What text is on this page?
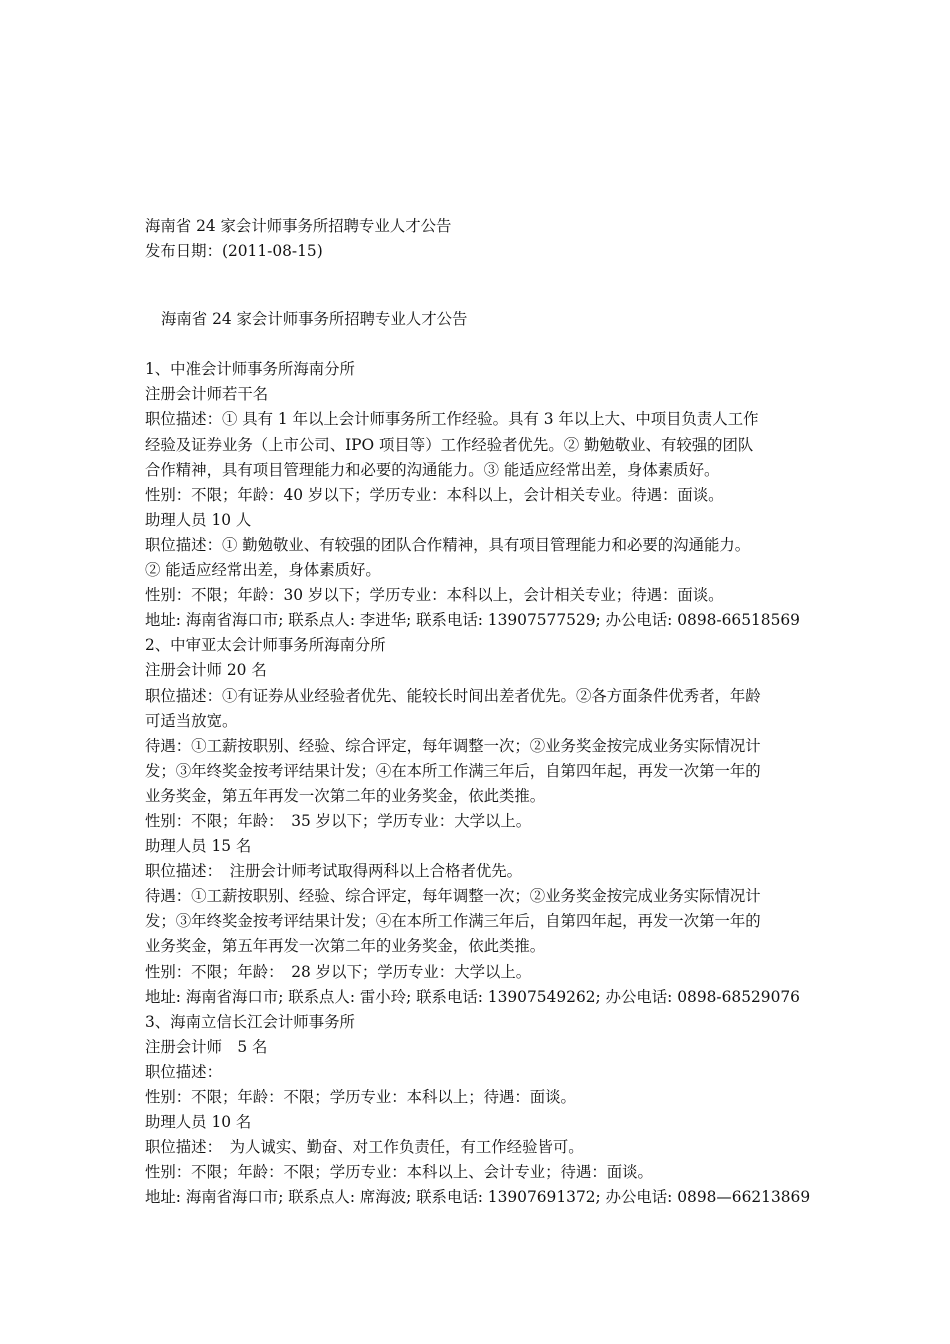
海南省 24 家会计师事务所招聘专业人才公告
发布日期：(2011-08-15)
海南省 24 家会计师事务所招聘专业人才公告
1、中准会计师事务所海南分所
注册会计师若干名
职位描述：① 具有 1 年以上会计师事务所工作经验。具有 3 年以上大、中项目负责人工作
经验及证券业务（上市公司、IPO 项目等）工作经验者优先。② 勤勉敬业、有较强的团队
合作精神，具有项目管理能力和必要的沟通能力。③ 能适应经常出差，身体素质好。
性别：不限；年龄：40 岁以下；学历专业：本科以上，会计相关专业。待遇：面谈。
助理人员 10 人
职位描述：① 勤勉敬业、有较强的团队合作精神，具有项目管理能力和必要的沟通能力。
② 能适应经常出差，身体素质好。
性别：不限；年龄：30 岁以下；学历专业：本科以上，会计相关专业；待遇：面谈。
地址: 海南省海口市; 联系点人: 李进华; 联系电话: 13907577529; 办公电话: 0898-66518569
2、中审亚太会计师事务所海南分所
注册会计师 20 名
职位描述：①有证券从业经验者优先、能较长时间出差者优先。②各方面条件优秀者，年龄
可适当放宽。
待遇：①工薪按职别、经验、综合评定，每年调整一次；②业务奖金按完成业务实际情况计
发；③年终奖金按考评结果计发；④在本所工作满三年后，自第四年起，再发一次第一年的
业务奖金，第五年再发一次第二年的业务奖金，依此类推。
性别：不限；年龄：　35 岁以下；学历专业：大学以上。
助理人员 15 名
职位描述：　注册会计师考试取得两科以上合格者优先。
待遇：①工薪按职别、经验、综合评定，每年调整一次；②业务奖金按完成业务实际情况计
发；③年终奖金按考评结果计发；④在本所工作满三年后，自第四年起，再发一次第一年的
业务奖金，第五年再发一次第二年的业务奖金，依此类推。
性别：不限；年龄：　28 岁以下；学历专业：大学以上。
地址: 海南省海口市; 联系点人: 雷小玲; 联系电话: 13907549262; 办公电话: 0898-68529076
3、海南立信长江会计师事务所
注册会计师　5 名
职位描述：
性别：不限；年龄：不限；学历专业：本科以上；待遇：面谈。
助理人员 10 名
职位描述：　为人诚实、勤奋、对工作负责任，有工作经验皆可。
性别：不限；年龄：不限；学历专业：本科以上、会计专业；待遇：面谈。
地址: 海南省海口市; 联系点人: 席海波; 联系电话: 13907691372; 办公电话: 0898—66213869
